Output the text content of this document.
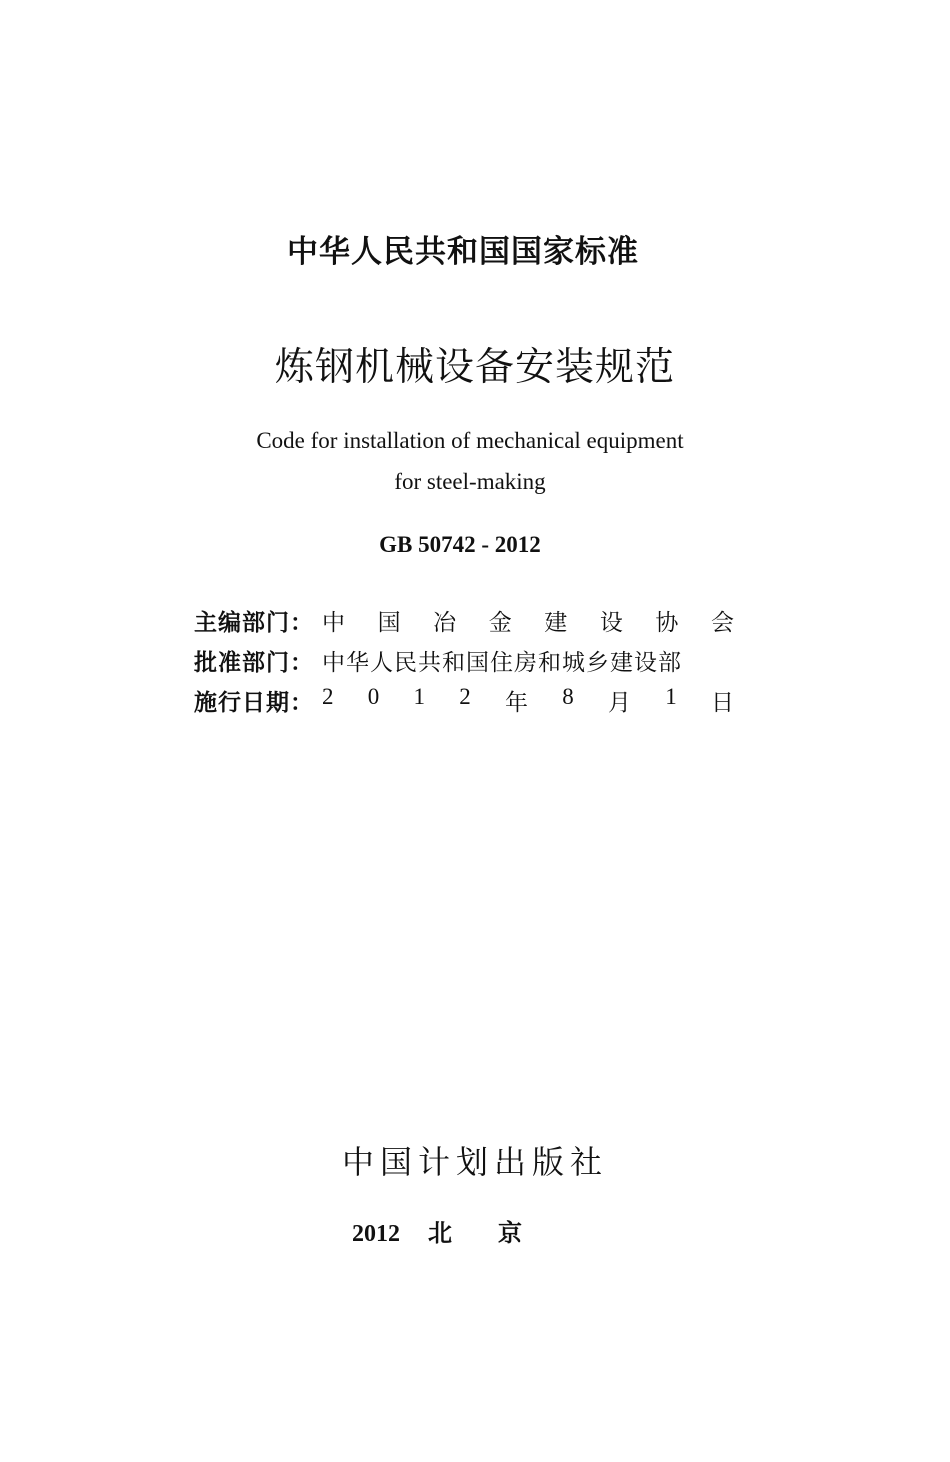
中华人民共和国国家标准
炼钢机械设备安装规范
Code for installation of mechanical equipment
for steel-making
GB 50742 - 2012
主编部门： 中 国 冶 金 建 设 协 会
批准部门： 中华人民共和国住房和城乡建设部
施行日期： 2 0 1 2 年 8 月 1 日
中国计划出版社
2012 北京
